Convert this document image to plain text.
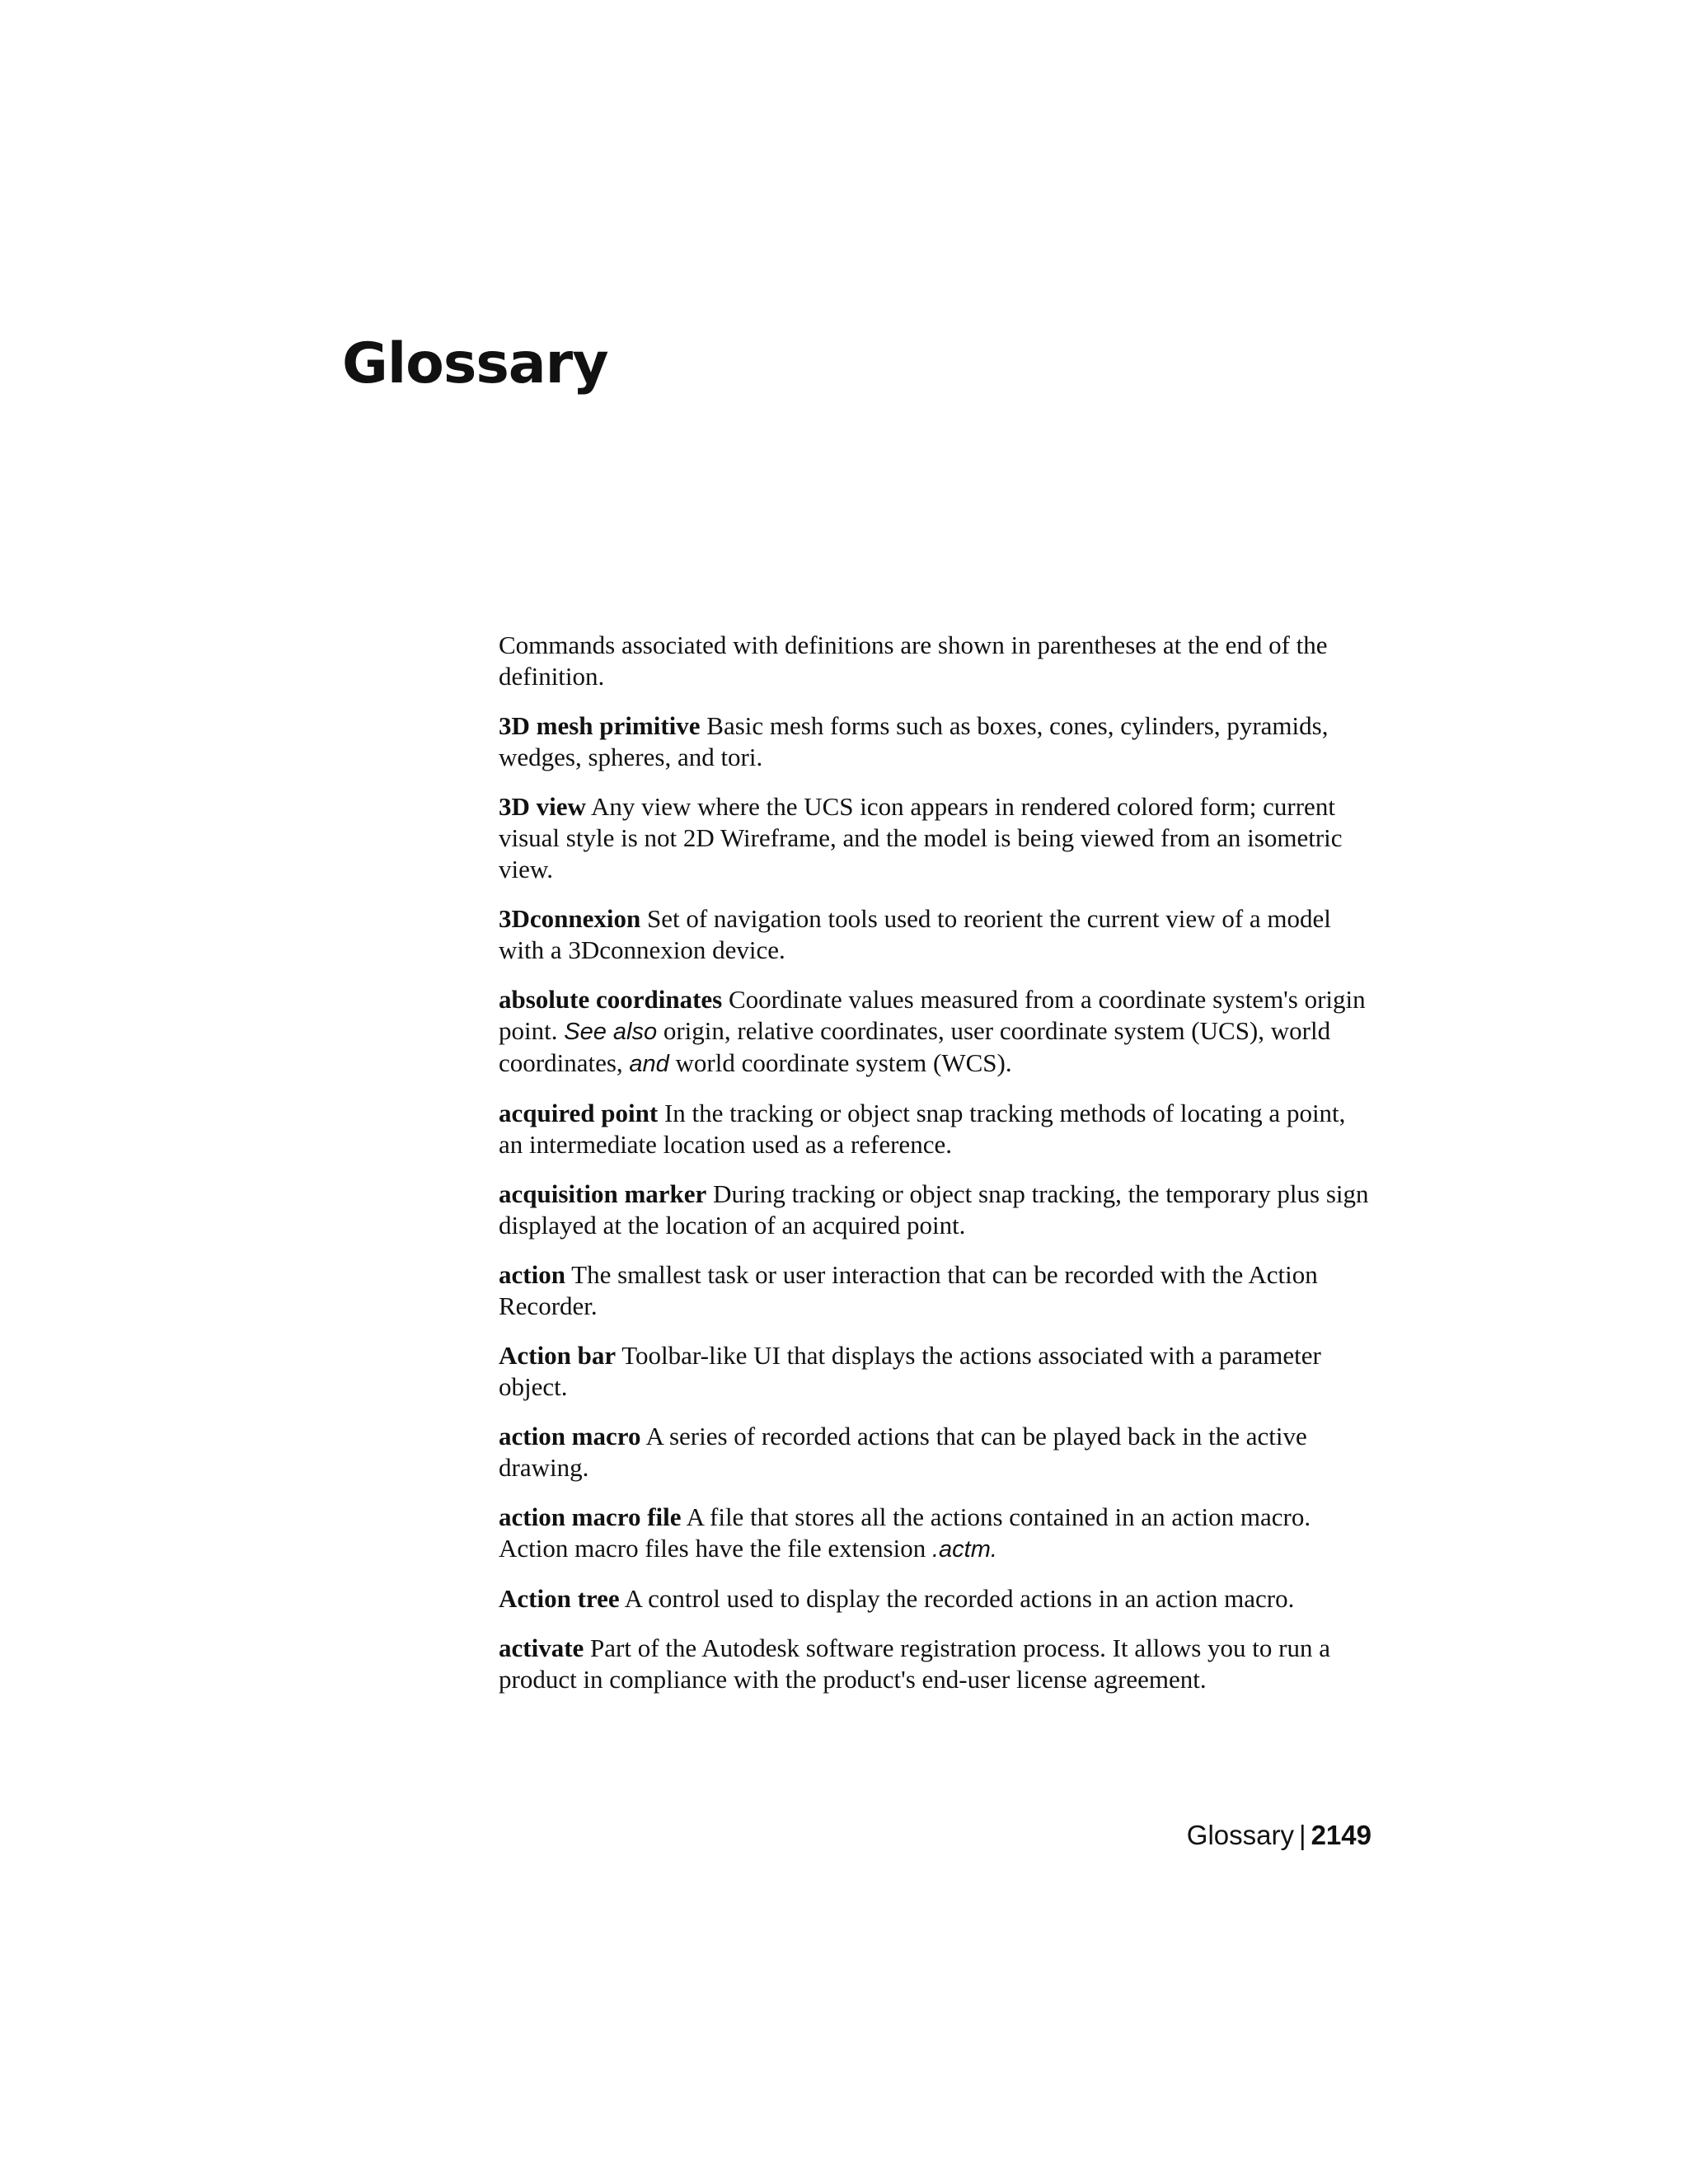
Glossary

Commands associated with definitions are shown in parentheses at the end of the definition.

3D mesh primitive Basic mesh forms such as boxes, cones, cylinders, pyramids, wedges, spheres, and tori.

3D view Any view where the UCS icon appears in rendered colored form; current visual style is not 2D Wireframe, and the model is being viewed from an isometric view.

3Dconnexion Set of navigation tools used to reorient the current view of a model with a 3Dconnexion device.

absolute coordinates Coordinate values measured from a coordinate system's origin point. See also origin, relative coordinates, user coordinate system (UCS), world coordinates, and world coordinate system (WCS).

acquired point In the tracking or object snap tracking methods of locating a point, an intermediate location used as a reference.

acquisition marker During tracking or object snap tracking, the temporary plus sign displayed at the location of an acquired point.

action The smallest task or user interaction that can be recorded with the Action Recorder.

Action bar Toolbar-like UI that displays the actions associated with a parameter object.

action macro A series of recorded actions that can be played back in the active drawing.

action macro file A file that stores all the actions contained in an action macro. Action macro files have the file extension .actm.

Action tree A control used to display the recorded actions in an action macro.

activate Part of the Autodesk software registration process. It allows you to run a product in compliance with the product's end-user license agreement.

Glossary | 2149
